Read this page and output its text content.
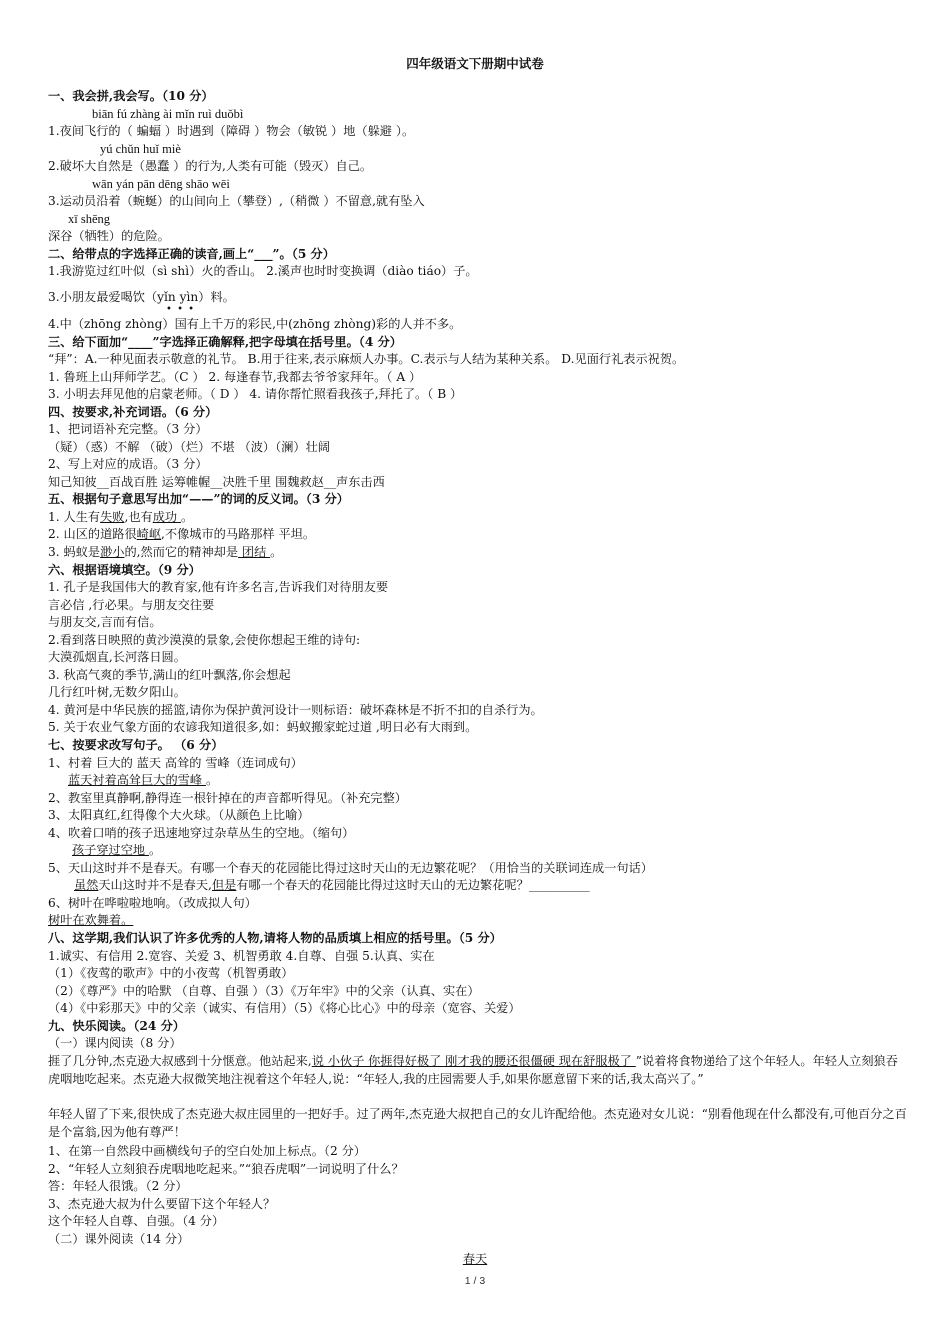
四年级语文下册期中试卷
一、我会拼,我会写。（10 分）
biān fú zhàng ài mǐn ruì duǒbì
1.夜间飞行的（ 蝙蝠 ）时遇到（障碍 ）物会（敏锐 ）地（躲避 ）。
yú chǔn huǐ miè
2.破坏大自然是（愚蠢 ）的行为,人类有可能（毁灭）自己。
wān yán pān dēng shāo wēi
3.运动员沿着（蜿蜒）的山间向上（攀登）,（稍微 ）不留意,就有坠入
xī shēng
深谷（牺牲）的危险。
二、给带点的字选择正确的读音,画上“___”。（5 分）
1.我游览过红叶似（sì shì）火的香山。 2.溪声也时时变换调（diào tiáo）子。
3.小朋友最爱喝饮（yǐn yìn）料。
• • •
4.中（zhōng zhòng）国有上千万的彩民,中(zhōng zhòng)彩的人并不多。
三、给下面加“____”字选择正确解释,把字母填在括号里。（4 分）
“拜”：A.一种见面表示敬意的礼节。 B.用于往来,表示麻烦人办事。C.表示与人结为某种关系。 D.见面行礼表示祝贺。
1. 鲁班上山拜师学艺。（C ） 2. 每逢春节,我都去爷爷家拜年。（ A ）
3. 小明去拜见他的启蒙老师。（ D ） 4. 请你帮忙照看我孩子,拜托了。（ B ）
四、按要求,补充词语。（6 分）
1、把词语补充完整。（3 分）
（疑）（惑）不解 （破）（烂）不堪 （波）（澜）壮阔
2、写上对应的成语。（3 分）
知己知彼__百战百胜 运筹帷幄__决胜千里 围魏救赵__声东击西
五、根据句子意思写出加“——”的词的反义词。（3 分）
1. 人生有失败,也有成功 。
2. 山区的道路很崎岖,不像城市的马路那样 平坦。
3. 蚂蚁是渺小的,然而它的精神却是 团结 。
六、根据语境填空。（9 分）
1. 孔子是我国伟大的教育家,他有许多名言,告诉我们对待朋友要
言必信 ,行必果。与朋友交往要
与朋友交,言而有信。
2.看到落日映照的黄沙漠漠的景象,会使你想起王维的诗句:
大漠孤烟直,长河落日圆。
3. 秋高气爽的季节,满山的红叶飘落,你会想起
几行红叶树,无数夕阳山。
4. 黄河是中华民族的摇篮,请你为保护黄河设计一则标语：破坏森林是不折不扣的自杀行为。
5. 关于农业气象方面的农谚我知道很多,如：蚂蚁搬家蛇过道 ,明日必有大雨到。
七、按要求改写句子。 （6 分）
1、村着 巨大的 蓝天 高耸的 雪峰（连词成句）
蓝天衬着高耸巨大的雪峰 。
2、教室里真静啊,静得连一根针掉在的声音都听得见。（补充完整）
3、太阳真红,红得像个大火球。（从颜色上比喻）
4、吹着口哨的孩子迅速地穿过杂草丛生的空地。（缩句）
孩子穿过空地 。
5、天山这时并不是春天。有哪一个春天的花园能比得过这时天山的无边繁花呢？（用恰当的关联词连成一句话）
虽然天山这时并不是春天,但是有哪一个春天的花园能比得过这时天山的无边繁花呢？__________
6、树叶在哗啦啦地响。（改成拟人句）
树叶在欢舞着。
八、这学期,我们认识了许多优秀的人物,请将人物的品质填上相应的括号里。（5 分）
1.诚实、有信用 2.宽容、关爱 3、机智勇敢 4.自尊、自强 5.认真、实在
（1）《夜莺的歌声》中的小夜莺（机智勇敢）
（2）《尊严》中的哈默 （自尊、自强 ）（3）《万年牢》中的父亲（认真、实在）
（4）《中彩那天》中的父亲（诚实、有信用）（5）《将心比心》中的母亲（宽容、关爱）
九、快乐阅读。（24 分）
（一）课内阅读（8 分）
捱了几分钟,杰克逊大叔感到十分惬意。他站起来,说 小伙子 你捱得好极了 刚才我的腰还很僵硬 现在舒服极了 ”说着将食物递给了这个年轻人。年轻人立刻狼吞虎咽地吃起来。杰克逊大叔微笑地注视着这个年轻人,说：“年轻人,我的庄园需要人手,如果你愿意留下来的话,我太高兴了。”
年轻人留了下来,很快成了杰克逊大叔庄园里的一把好手。过了两年,杰克逊大叔把自己的女儿许配给他。杰克逊对女儿说：“别看他现在什么都没有,可他百分之百是个富翁,因为他有尊严！
1、在第一自然段中画横线句子的空白处加上标点。（2 分）
2、“年轻人立刻狼吞虎咽地吃起来。”“狼吞虎咽”一词说明了什么？
答：年轻人很饿。（2 分）
3、杰克逊大叔为什么要留下这个年轻人？
这个年轻人自尊、自强。（4 分）
（二）课外阅读（14 分）
春天
1 / 3
